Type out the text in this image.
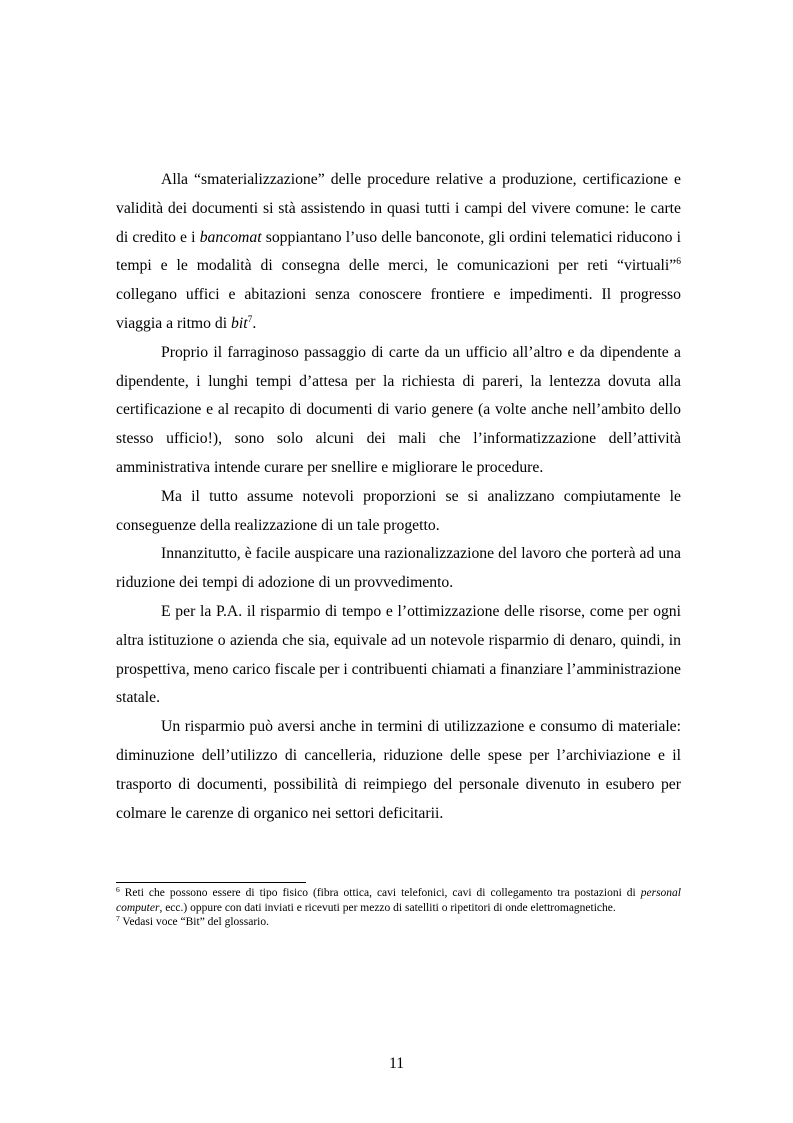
Alla “smaterializzazione” delle procedure relative a produzione, certificazione e validità dei documenti si stà assistendo in quasi tutti i campi del vivere comune: le carte di credito e i bancomat soppiantano l’uso delle banconote, gli ordini telematici riducono i tempi e le modalità di consegna delle merci, le comunicazioni per reti “virtuali”$^6$ collegano uffici e abitazioni senza conoscere frontiere e impedimenti. Il progresso viaggia a ritmo di bit$^7$.

Proprio il farraginoso passaggio di carte da un ufficio all’altro e da dipendente a dipendente, i lunghi tempi d’attesa per la richiesta di pareri, la lentezza dovuta alla certificazione e al recapito di documenti di vario genere (a volte anche nell’ambito dello stesso ufficio!), sono solo alcuni dei mali che l’informatizzazione dell’attività amministrativa intende curare per snellire e migliorare le procedure.

Ma il tutto assume notevoli proporzioni se si analizzano compiutamente le conseguenze della realizzazione di un tale progetto.

Innanzitutto, è facile auspicare una razionalizzazione del lavoro che porterà ad una riduzione dei tempi di adozione di un provvedimento.

E per la P.A. il risparmio di tempo e l’ottimizzazione delle risorse, come per ogni altra istituzione o azienda che sia, equivale ad un notevole risparmio di denaro, quindi, in prospettiva, meno carico fiscale per i contribuenti chiamati a finanziare l’amministrazione statale.

Un risparmio può aversi anche in termini di utilizzazione e consumo di materiale: diminuzione dell’utilizzo di cancelleria, riduzione delle spese per l’archiviazione e il trasporto di documenti, possibilità di reimpiego del personale divenuto in esubero per colmare le carenze di organico nei settori deficitarii.

$^6$ Reti che possono essere di tipo fisico (fibra ottica, cavi telefonici, cavi di collegamento tra postazioni di personal computer, ecc.) oppure con dati inviati e ricevuti per mezzo di satelliti o ripetitori di onde elettromagnetiche.

$^7$ Vedasi voce “Bit” del glossario.

11
